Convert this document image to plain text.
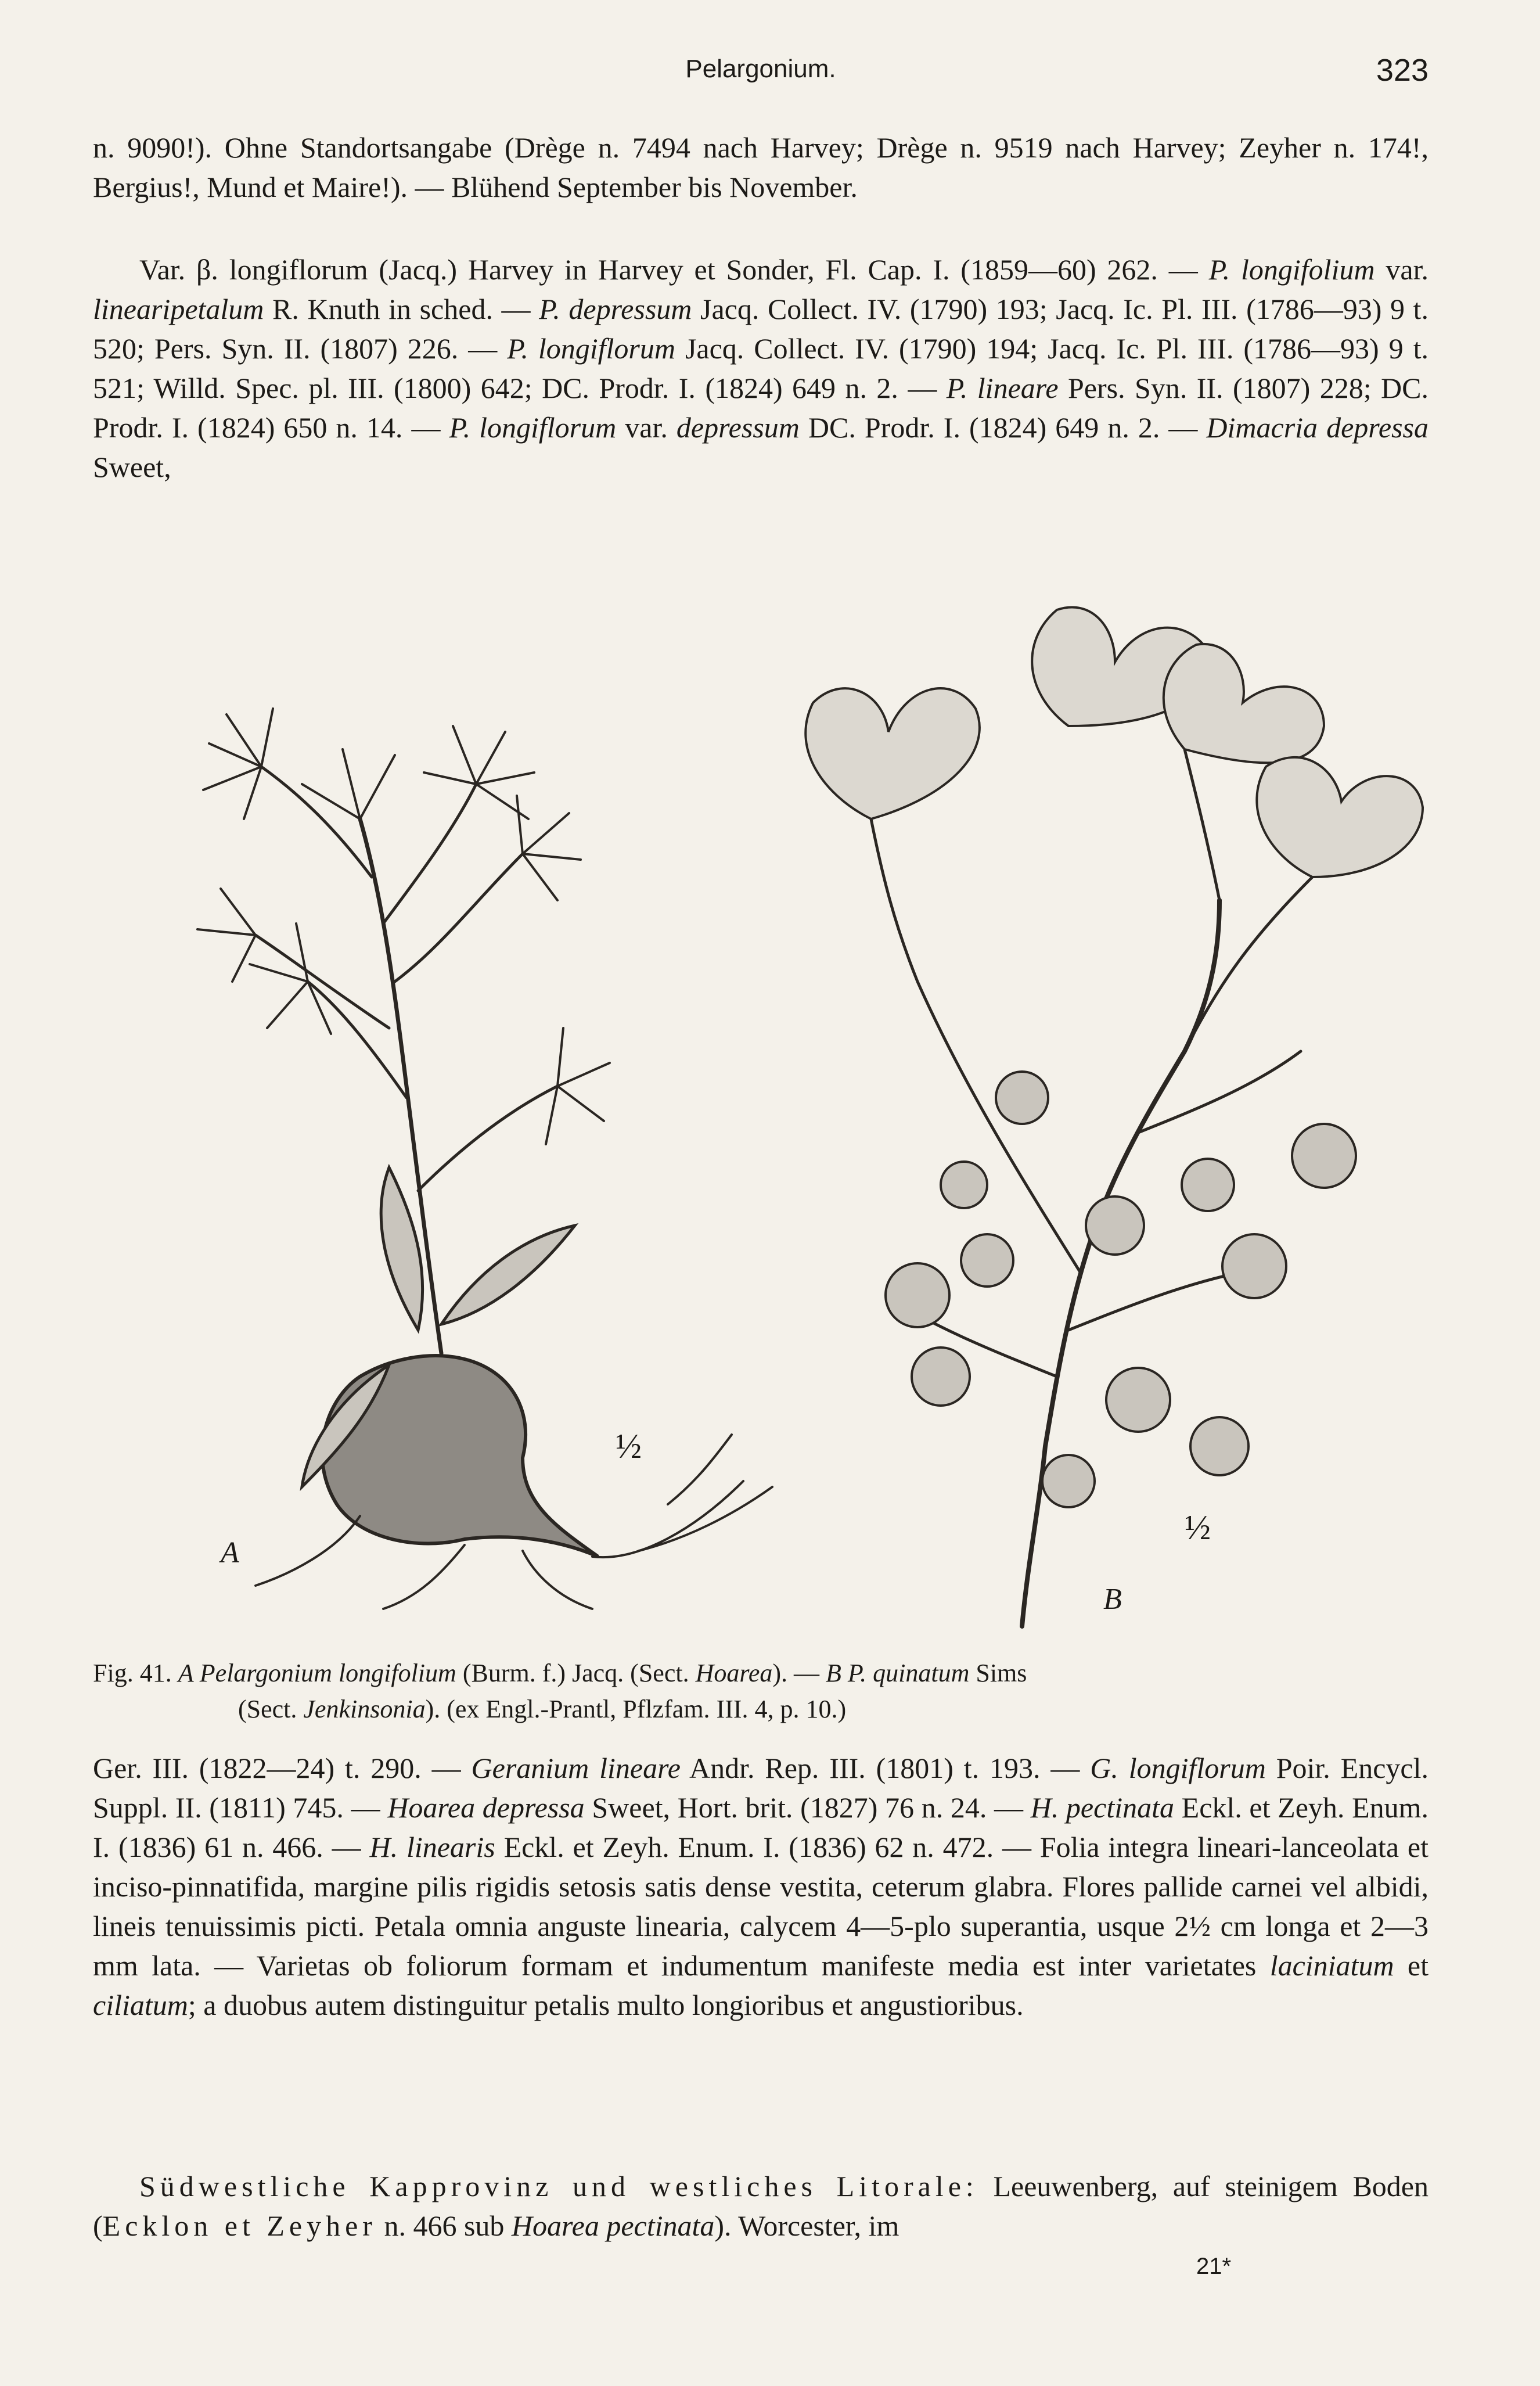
Pelargonium.	323

n. 9090!). Ohne Standortsangabe (Drège n. 7494 nach Harvey; Drège n. 9519 nach Harvey; Zeyher n. 174!, Bergius!, Mund et Maire!). — Blühend September bis November.

Var. β. longiflorum (Jacq.) Harvey in Harvey et Sonder, Fl. Cap. I. (1859—60) 262. — P. longifolium var. linearipetalum R. Knuth in sched. — P. depressum Jacq. Collect. IV. (1790) 193; Jacq. Ic. Pl. III. (1786—93) 9 t. 520; Pers. Syn. II. (1807) 226. — P. longiflorum Jacq. Collect. IV. (1790) 194; Jacq. Ic. Pl. III. (1786—93) 9 t. 521; Willd. Spec. pl. III. (1800) 642; DC. Prodr. I. (1824) 649 n. 2. — P. lineare Pers. Syn. II. (1807) 228; DC. Prodr. I. (1824) 650 n. 14. — P. longiflorum var. depressum DC. Prodr. I. (1824) 649 n. 2. — Dimacria depressa Sweet,

A
B
½
½
Fig. 41. A Pelargonium longifolium (Burm. f.) Jacq. (Sect. Hoarea). — B P. quinatum Sims
(Sect. Jenkinsonia). (ex Engl.-Prantl, Pflzfam. III. 4, p. 10.)

Ger. III. (1822—24) t. 290. — Geranium lineare Andr. Rep. III. (1801) t. 193. — G. longiflorum Poir. Encycl. Suppl. II. (1811) 745. — Hoarea depressa Sweet, Hort. brit. (1827) 76 n. 24. — H. pectinata Eckl. et Zeyh. Enum. I. (1836) 61 n. 466. — H. linearis Eckl. et Zeyh. Enum. I. (1836) 62 n. 472. — Folia integra lineari-lanceolata et inciso-pinnatifida, margine pilis rigidis setosis satis dense vestita, ceterum glabra. Flores pallide carnei vel albidi, lineis tenuissimis picti. Petala omnia anguste linearia, calycem 4—5-plo superantia, usque 2½ cm longa et 2—3 mm lata. — Varietas ob foliorum formam et indumentum manifeste media est inter varietates laciniatum et ciliatum; a duobus autem distinguitur petalis multo longioribus et angustioribus.

Südwestliche Kapprovinz und westliches Litorale: Leeuwenberg, auf steinigem Boden (Ecklon et Zeyher n. 466 sub Hoarea pectinata). Worcester, im

21*
